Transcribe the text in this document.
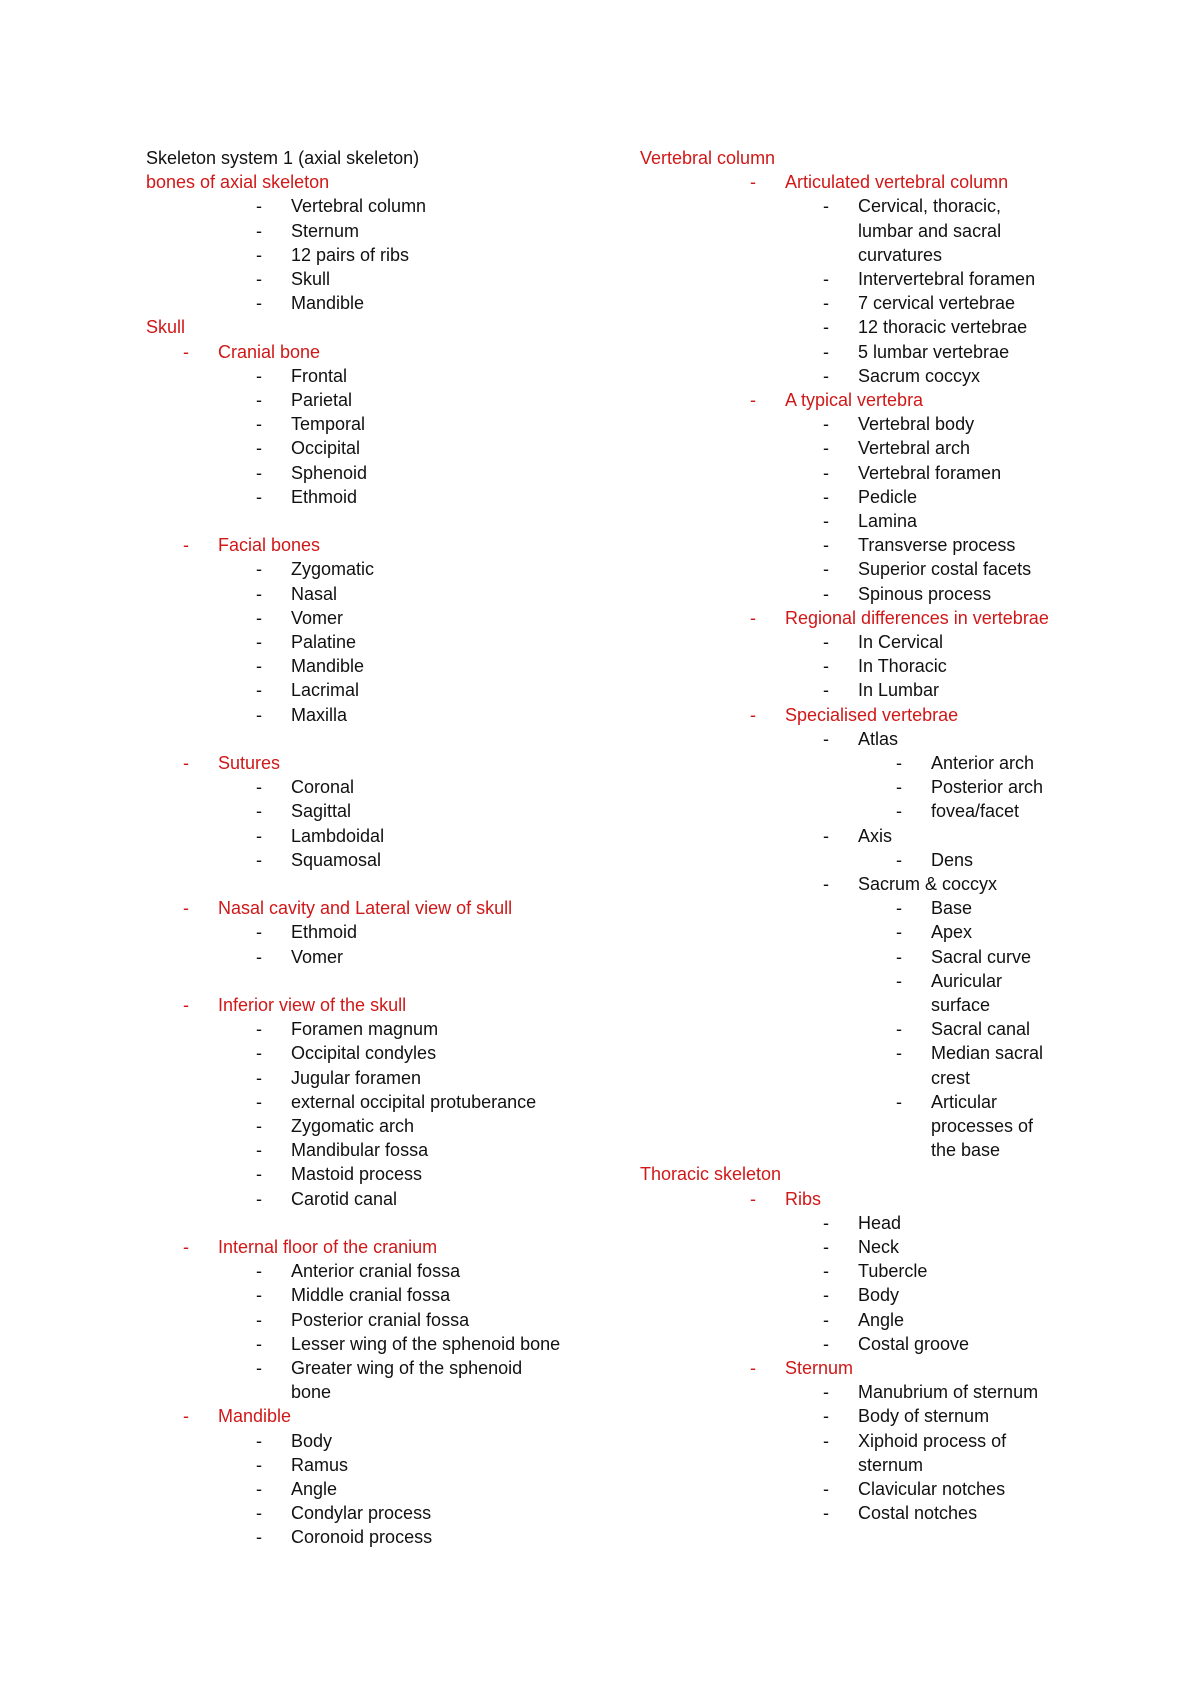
Skeleton system 1 (axial skeleton)
bones of axial skeleton
- Vertebral column
- Sternum
- 12 pairs of ribs
- Skull
- Mandible
Skull
- Cranial bone
- Frontal
- Parietal
- Temporal
- Occipital
- Sphenoid
- Ethmoid
- Facial bones
- Zygomatic
- Nasal
- Vomer
- Palatine
- Mandible
- Lacrimal
- Maxilla
- Sutures
- Coronal
- Sagittal
- Lambdoidal
- Squamosal
- Nasal cavity and Lateral view of skull
- Ethmoid
- Vomer
- Inferior view of the skull
- Foramen magnum
- Occipital condyles
- Jugular foramen
- external occipital protuberance
- Zygomatic arch
- Mandibular fossa
- Mastoid process
- Carotid canal
- Internal floor of the cranium
- Anterior cranial fossa
- Middle cranial fossa
- Posterior cranial fossa
- Lesser wing of the sphenoid bone
- Greater wing of the sphenoid
bone
- Mandible
- Body
- Ramus
- Angle
- Condylar process
- Coronoid process
Vertebral column
- Articulated vertebral column
- Cervical, thoracic,
lumbar and sacral
curvatures
- Intervertebral foramen
- 7 cervical vertebrae
- 12 thoracic vertebrae
- 5 lumbar vertebrae
- Sacrum coccyx
- A typical vertebra
- Vertebral body
- Vertebral arch
- Vertebral foramen
- Pedicle
- Lamina
- Transverse process
- Superior costal facets
- Spinous process
- Regional differences in vertebrae
- In Cervical
- In Thoracic
- In Lumbar
- Specialised vertebrae
- Atlas
- Anterior arch
- Posterior arch
- fovea/facet
- Axis
- Dens
- Sacrum & coccyx
- Base
- Apex
- Sacral curve
- Auricular
surface
- Sacral canal
- Median sacral
crest
- Articular
processes of
the base
Thoracic skeleton
- Ribs
- Head
- Neck
- Tubercle
- Body
- Angle
- Costal groove
- Sternum
- Manubrium of sternum
- Body of sternum
- Xiphoid process of
sternum
- Clavicular notches
- Costal notches
